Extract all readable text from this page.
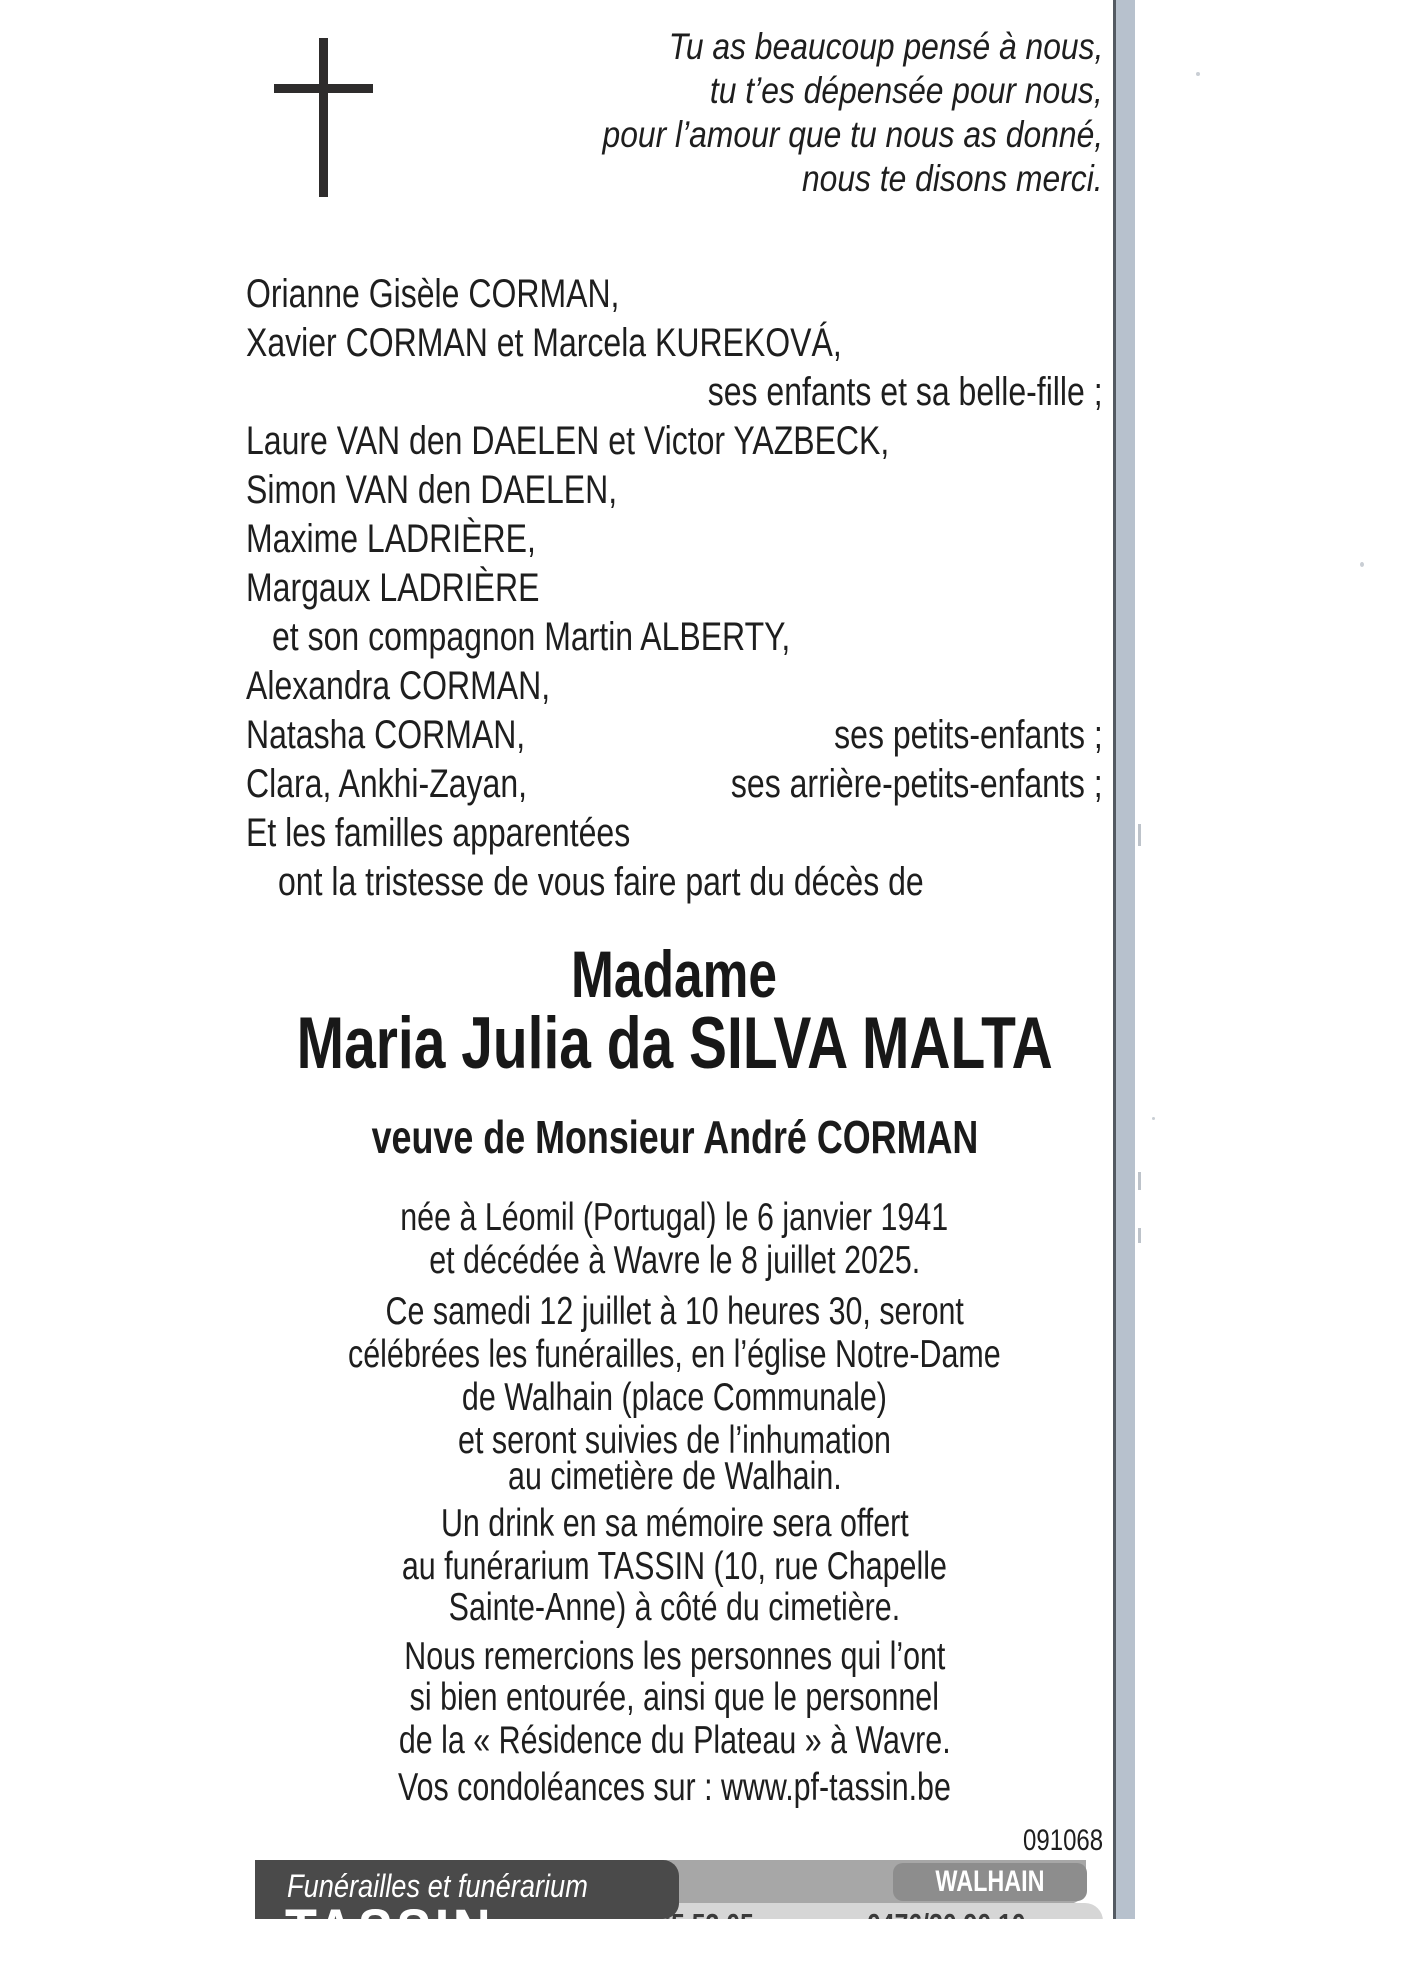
Tu as beaucoup pensé à nous,
tu t’es dépensée pour nous,
pour l’amour que tu nous as donné,
nous te disons merci.
Orianne Gisèle CORMAN,
Xavier CORMAN et Marcela KUREKOVÁ,
ses enfants et sa belle-fille ;
Laure VAN den DAELEN et Victor YAZBECK,
Simon VAN den DAELEN,
Maxime LADRIÈRE,
Margaux LADRIÈRE
et son compagnon Martin ALBERTY,
Alexandra CORMAN,
Natasha CORMAN,	ses petits-enfants ;
Clara, Ankhi-Zayan,	ses arrière-petits-enfants ;
Et les familles apparentées
ont la tristesse de vous faire part du décès de
Madame
Maria Julia da SILVA MALTA
veuve de Monsieur André CORMAN
née à Léomil (Portugal) le 6 janvier 1941
et décédée à Wavre le 8 juillet 2025.
Ce samedi 12 juillet à 10 heures 30, seront
célébrées les funérailles, en l’église Notre-Dame
de Walhain (place Communale)
et seront suivies de l’inhumation
au cimetière de Walhain.
Un drink en sa mémoire sera offert
au funérarium TASSIN (10, rue Chapelle
Sainte-Anne) à côté du cimetière.
Nous remercions les personnes qui l’ont
si bien entourée, ainsi que le personnel
de la « Résidence du Plateau » à Wavre.
Vos condoléances sur : www.pf-tassin.be
091068
WALHAIN
Funérailles et funérarium
